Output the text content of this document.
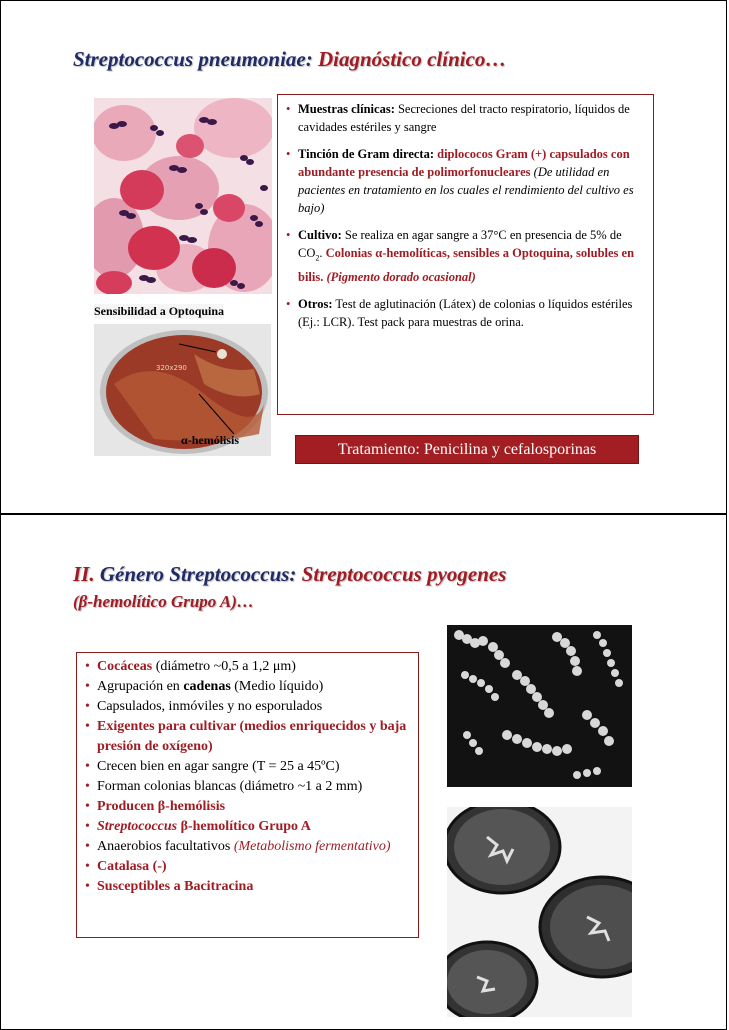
Streptococcus pneumoniae: Diagnóstico clínico…
320x290
Sensibilidad a Optoquina
α-hemólisis
• Muestras clínicas: Secreciones del tracto respiratorio, líquidos de cavidades estériles y sangre
• Tinción de Gram directa: diplococos Gram (+) capsulados con abundante presencia de polimorfonucleares (De utilidad en pacientes en tratamiento en los cuales el rendimiento del cultivo es bajo)
• Cultivo: Se realiza en agar sangre a 37°C en presencia de 5% de $CO_2$. Colonias α-hemolíticas, sensibles a Optoquina, solubles en bilis. (Pigmento dorado ocasional)
• Otros: Test de aglutinación (Látex) de colonias o líquidos estériles (Ej.: LCR). Test pack para muestras de orina.
Tratamiento: Penicilina y cefalosporinas
II. Género Streptococcus: Streptococcus pyogenes
(β-hemolítico Grupo A)…
• Cocáceas (diámetro ~0,5 a 1,2 μm)
• Agrupación en cadenas (Medio líquido)
• Capsulados, inmóviles y no esporulados
• Exigentes para cultivar (medios enriquecidos y baja presión de oxígeno)
• Crecen bien en agar sangre (T = 25 a 45ºC)
• Forman colonias blancas (diámetro ~1 a 2 mm)
• Producen β-hemólisis
• Streptococcus β-hemolítico Grupo A
• Anaerobios facultativos (Metabolismo fermentativo)
• Catalasa (-)
• Susceptibles a Bacitracina
